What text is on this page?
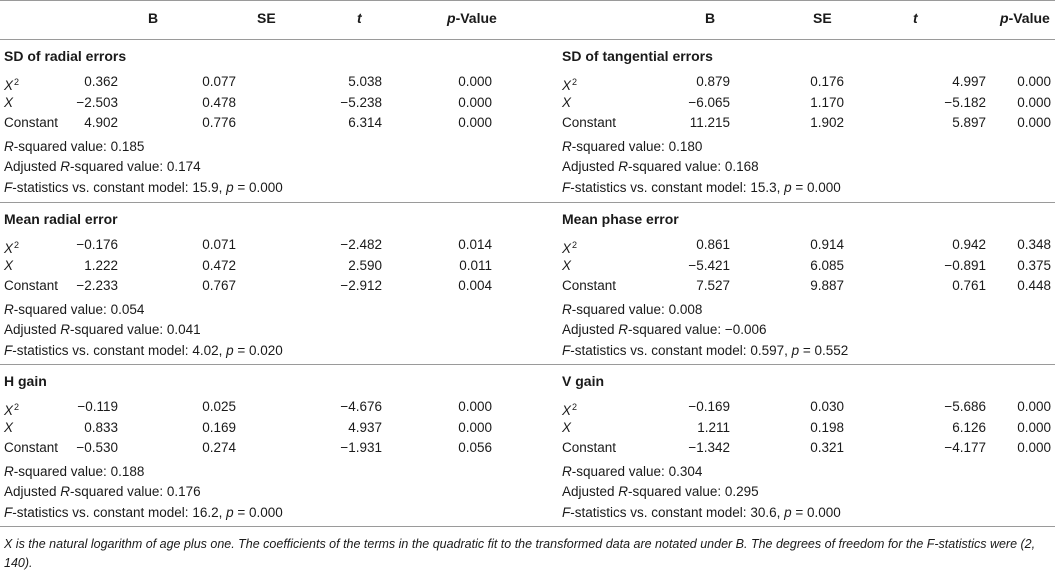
B	SE	t	p-Value	B	SE	t	p-Value
SD of radial errors
$X^2$	0.362	0.077	5.038	0.000
X	−2.503	0.478	−5.238	0.000
Constant	4.902	0.776	6.314	0.000
R-squared value: 0.185
Adjusted R-squared value: 0.174
F-statistics vs. constant model: 15.9, p = 0.000
SD of tangential errors
$X^2$	0.879	0.176	4.997	0.000
X	−6.065	1.170	−5.182	0.000
Constant	11.215	1.902	5.897	0.000
R-squared value: 0.180
Adjusted R-squared value: 0.168
F-statistics vs. constant model: 15.3, p = 0.000
Mean radial error
$X^2$	−0.176	0.071	−2.482	0.014
X	1.222	0.472	2.590	0.011
Constant	−2.233	0.767	−2.912	0.004
R-squared value: 0.054
Adjusted R-squared value: 0.041
F-statistics vs. constant model: 4.02, p = 0.020
Mean phase error
$X^2$	0.861	0.914	0.942	0.348
X	−5.421	6.085	−0.891	0.375
Constant	7.527	9.887	0.761	0.448
R-squared value: 0.008
Adjusted R-squared value: −0.006
F-statistics vs. constant model: 0.597, p = 0.552
H gain
$X^2$	−0.119	0.025	−4.676	0.000
X	0.833	0.169	4.937	0.000
Constant	−0.530	0.274	−1.931	0.056
R-squared value: 0.188
Adjusted R-squared value: 0.176
F-statistics vs. constant model: 16.2, p = 0.000
V gain
$X^2$	−0.169	0.030	−5.686	0.000
X	1.211	0.198	6.126	0.000
Constant	−1.342	0.321	−4.177	0.000
R-squared value: 0.304
Adjusted R-squared value: 0.295
F-statistics vs. constant model: 30.6, p = 0.000
X is the natural logarithm of age plus one. The coefficients of the terms in the quadratic fit to the transformed data are notated under B. The degrees of freedom for the F-statistics were (2, 140).
